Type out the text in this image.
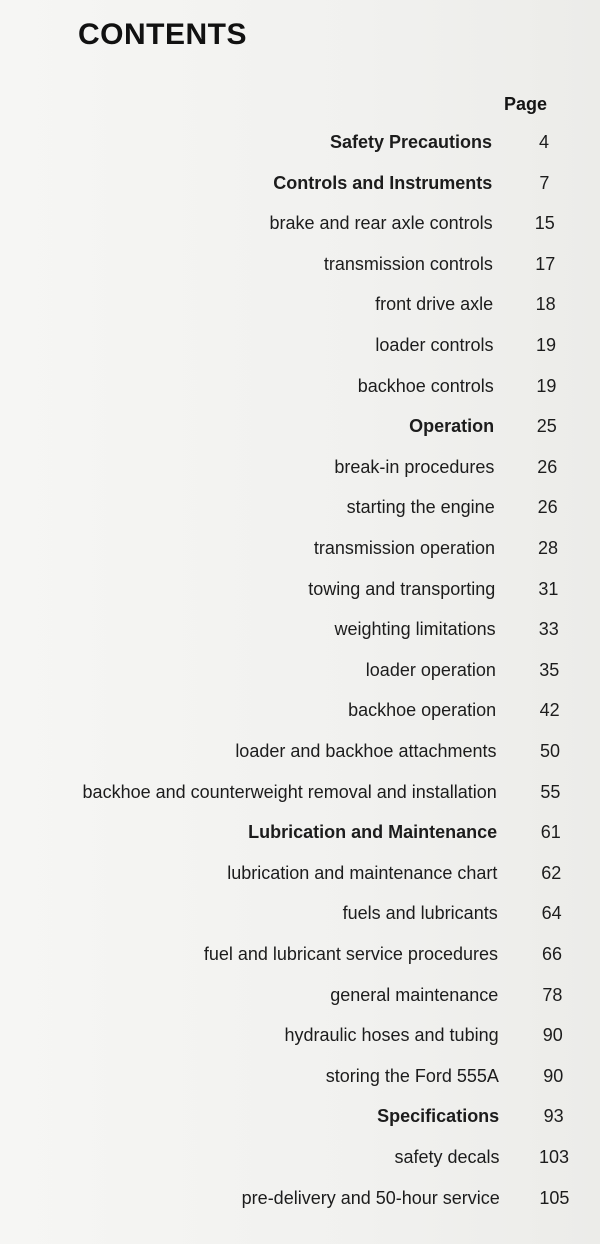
CONTENTS
Page
Safety Precautions	4
Controls and Instruments	7
brake and rear axle controls	15
transmission controls	17
front drive axle	18
loader controls	19
backhoe controls	19
Operation	25
break-in procedures	26
starting the engine	26
transmission operation	28
towing and transporting	31
weighting limitations	33
loader operation	35
backhoe operation	42
loader and backhoe attachments	50
backhoe and counterweight removal and installation	55
Lubrication and Maintenance	61
lubrication and maintenance chart	62
fuels and lubricants	64
fuel and lubricant service procedures	66
general maintenance	78
hydraulic hoses and tubing	90
storing the Ford 555A	90
Specifications	93
safety decals	103
pre-delivery and 50-hour service	105
